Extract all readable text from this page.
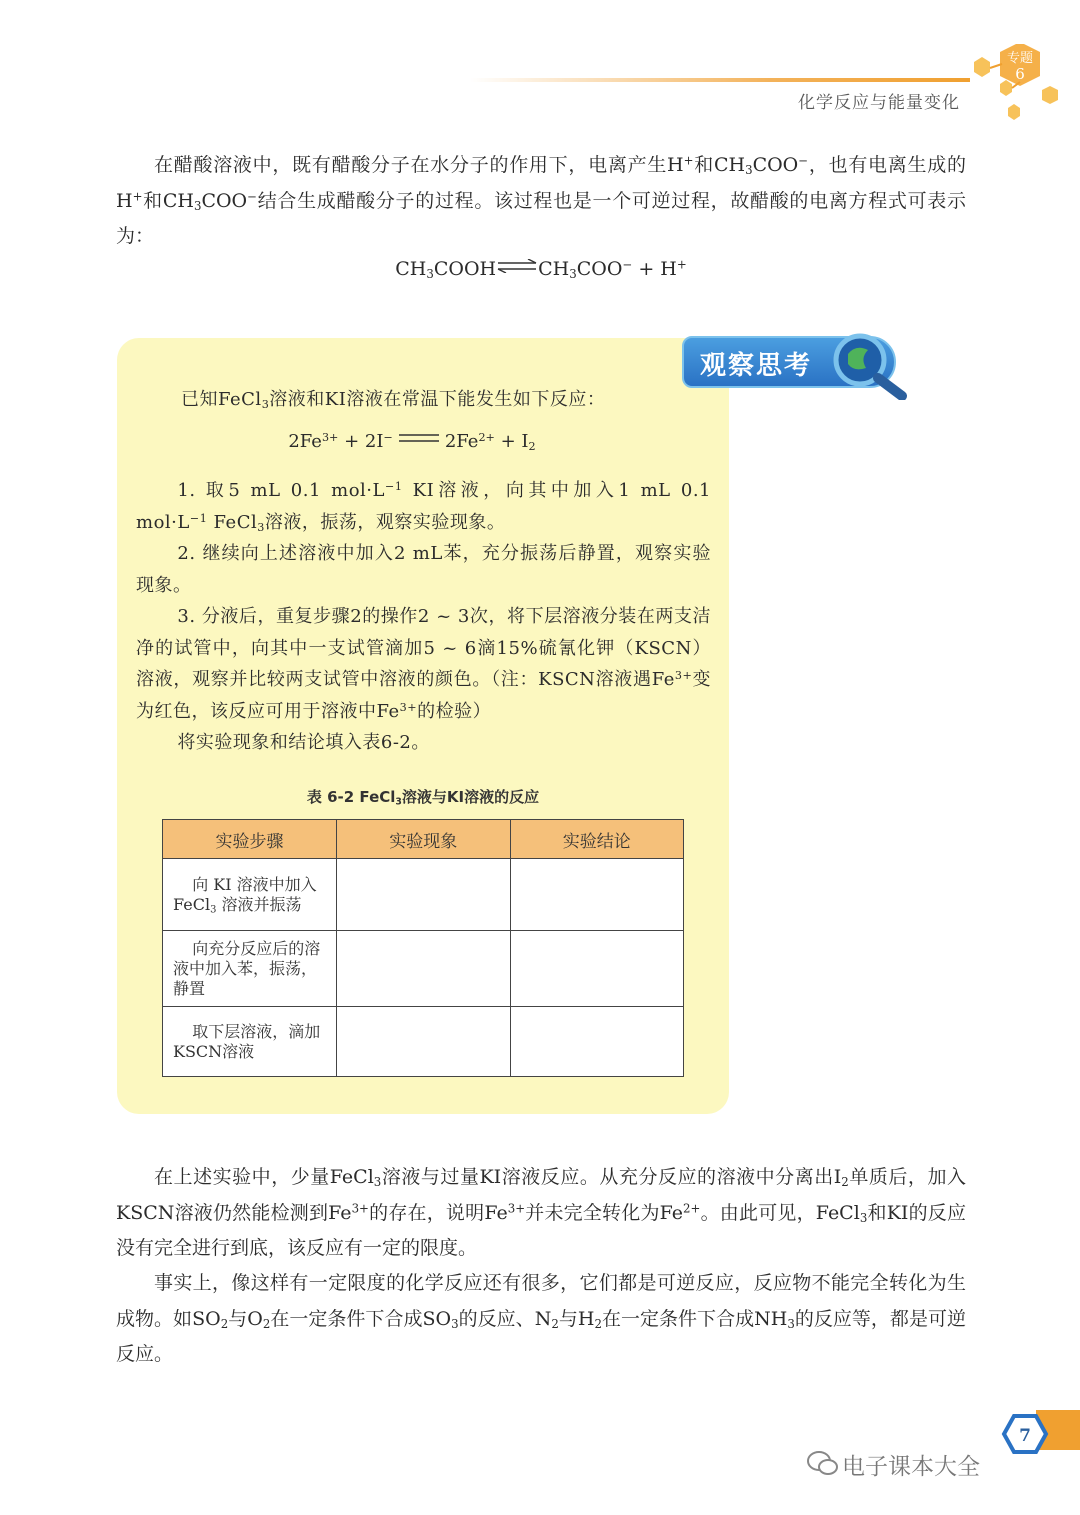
专题
6
化学反应与能量变化
在醋酸溶液中，既有醋酸分子在水分子的作用下，电离产生H+和$CH_3COO^-$，也有电离生成的H+和$CH_3COO^-$结合生成醋酸分子的过程。该过程也是一个可逆过程，故醋酸的电离方程式可表示为：
$CH_3COOH\rightleftharpoons CH_3COO^- + H^+$
观察思考

已知FeCl$_3$溶液和KI溶液在常温下能发生如下反应：

$2Fe^{3+} + 2I^-$	$2Fe^{2+} + I_2$

1. 取5 mL 0.1 $mol\cdot L^{-1}$ KI溶液，向其中加入1 mL 0.1 $mol\cdot L^{-1}$ FeCl$_3$溶液，振荡，观察实验现象。

2. 继续向上述溶液中加入2 mL苯，充分振荡后静置，观察实验现象。

3. 分液后，重复步骤2的操作2 ~ 3次，将下层溶液分装在两支洁净的试管中，向其中一支试管滴加5 ~ 6滴15%硫氰化钾（KSCN）溶液，观察并比较两支试管中溶液的颜色。（注：KSCN溶液遇$Fe^{3+}$变为红色，该反应可用于溶液中$Fe^{3+}$的检验）

将实验现象和结论填入表6-2。

表 6-2 FeCl$_3$溶液与KI溶液的反应
实验步骤	实验现象	实验结论
向 KI 溶液中加入 FeCl$_3$ 溶液并振荡		
向充分反应后的溶液中加入苯，振荡，静置		
取下层溶液，滴加KSCN溶液		
在上述实验中，少量FeCl$_3$溶液与过量KI溶液反应。从充分反应的溶液中分离出$I_2$单质后，加入KSCN溶液仍然能检测到$Fe^{3+}$的存在，说明$Fe^{3+}$并未完全转化为$Fe^{2+}$。由此可见，FeCl$_3$和KI的反应没有完全进行到底，该反应有一定的限度。
事实上，像这样有一定限度的化学反应还有很多，它们都是可逆反应，反应物不能完全转化为生成物。如$SO_2$与$O_2$在一定条件下合成$SO_3$的反应、$N_2$与$H_2$在一定条件下合成$NH_3$的反应等，都是可逆反应。
7
电子课本大全
